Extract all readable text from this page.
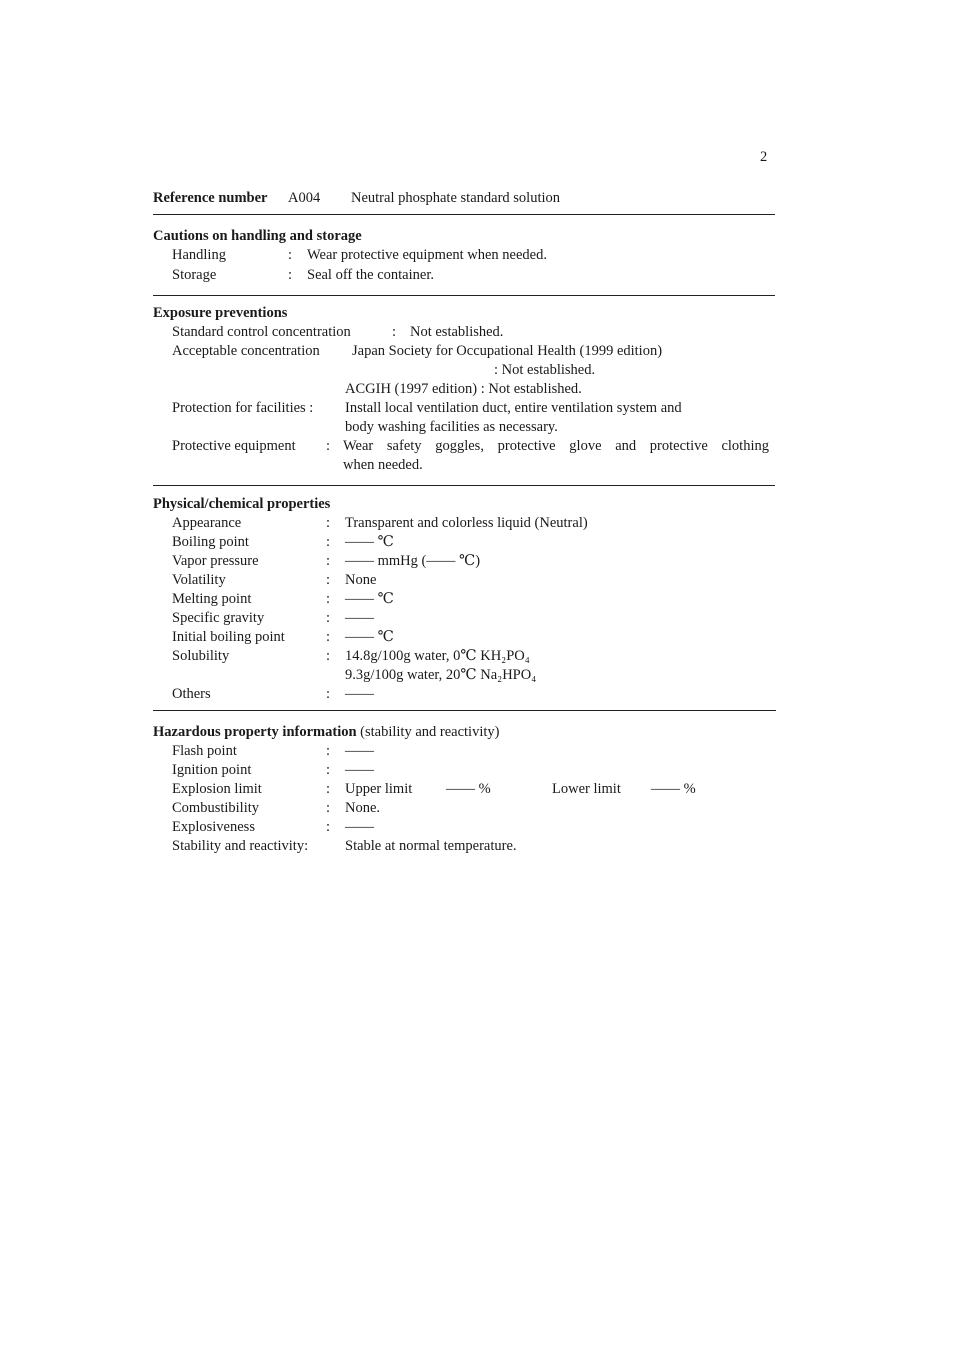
2
Reference number A004 Neutral phosphate standard solution
Cautions on handling and storage
Handling	: Wear protective equipment when needed.
Storage	: Seal off the container.
Exposure preventions
Standard control concentration	: Not established.
Acceptable concentration Japan Society for Occupational Health (1999 edition)
: Not established.
ACGIH (1997 edition) : Not established.
Protection for facilities : Install local ventilation duct, entire ventilation system and
body washing facilities as necessary.
Protective equipment : Wear safety goggles, protective glove and protective clothing
when needed.
Physical/chemical properties
Appearance	: Transparent and colorless liquid (Neutral)
Boiling point	: —— ℃
Vapor pressure	: —— mmHg (—— ℃)
Volatility	: None
Melting point	: —— ℃
Specific gravity	: ——
Initial boiling point	: —— ℃
Solubility	: 14.8g/100g water, 0℃ KH₂PO₄
9.3g/100g water, 20℃ Na₂HPO₄
Others	: ——
Hazardous property information (stability and reactivity)
Flash point	: ——
Ignition point	: ——
Explosion limit	: Upper limit —— %	Lower limit —— %
Combustibility	: None.
Explosiveness	: ——
Stability and reactivity:	Stable at normal temperature.
